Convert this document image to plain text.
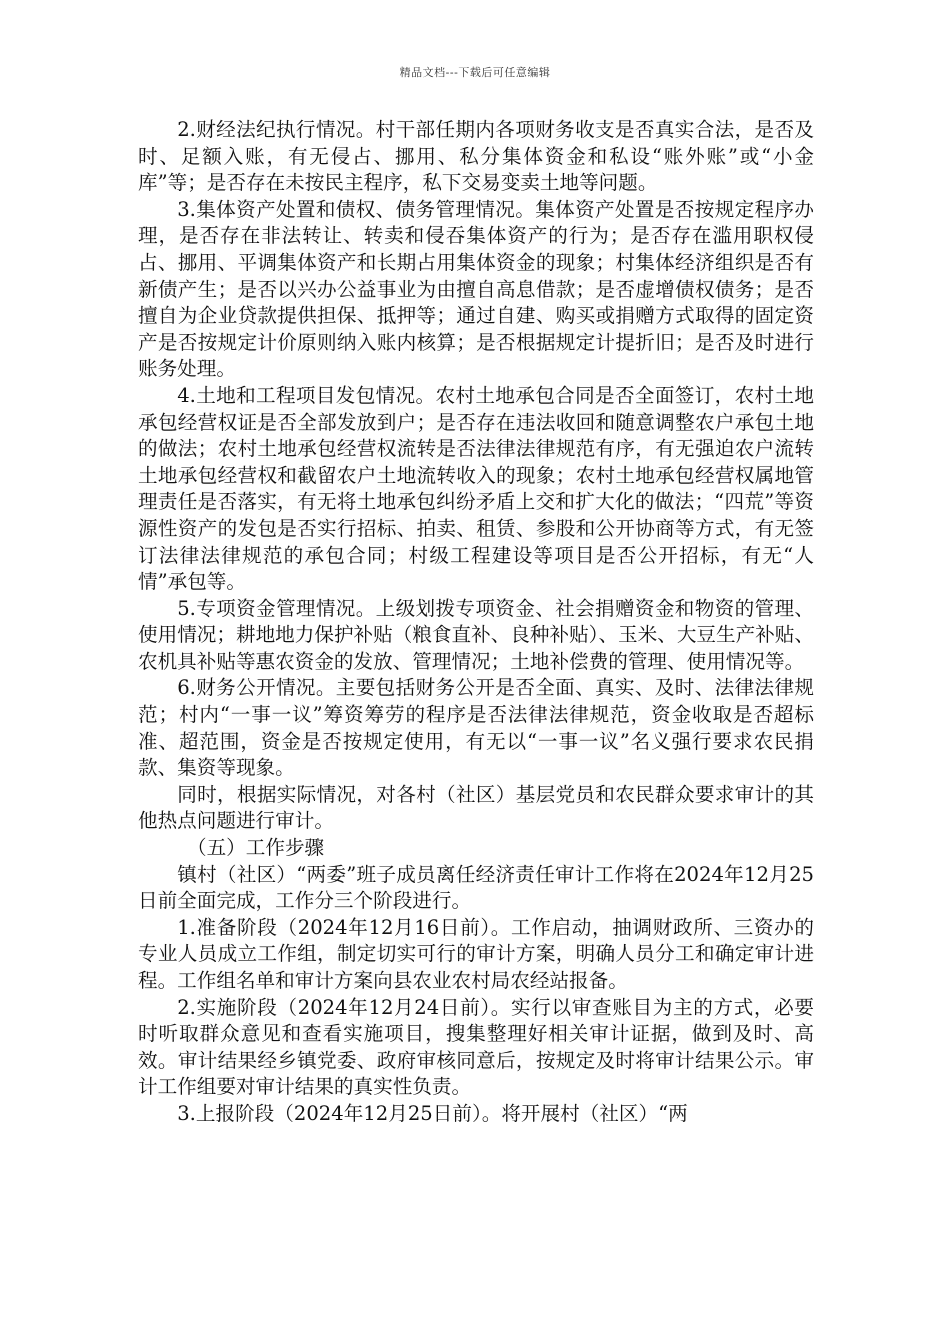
精品文档---下载后可任意编辑

2.财经法纪执行情况。村干部任期内各项财务收支是否真实合法，是否及时、足额入账，有无侵占、挪用、私分集体资金和私设“账外账”或“小金库”等；是否存在未按民主程序，私下交易变卖土地等问题。

3.集体资产处置和债权、债务管理情况。集体资产处置是否按规定程序办理，是否存在非法转让、转卖和侵吞集体资产的行为；是否存在滥用职权侵占、挪用、平调集体资产和长期占用集体资金的现象；村集体经济组织是否有新债产生；是否以兴办公益事业为由擅自高息借款；是否虚增债权债务；是否擅自为企业贷款提供担保、抵押等；通过自建、购买或捐赠方式取得的固定资产是否按规定计价原则纳入账内核算；是否根据规定计提折旧；是否及时进行账务处理。

4.土地和工程项目发包情况。农村土地承包合同是否全面签订，农村土地承包经营权证是否全部发放到户；是否存在违法收回和随意调整农户承包土地的做法；农村土地承包经营权流转是否法律法律规范有序，有无强迫农户流转土地承包经营权和截留农户土地流转收入的现象；农村土地承包经营权属地管理责任是否落实，有无将土地承包纠纷矛盾上交和扩大化的做法；“四荒”等资源性资产的发包是否实行招标、拍卖、租赁、参股和公开协商等方式，有无签订法律法律规范的承包合同；村级工程建设等项目是否公开招标，有无“人情”承包等。

5.专项资金管理情况。上级划拨专项资金、社会捐赠资金和物资的管理、使用情况；耕地地力保护补贴（粮食直补、良种补贴）、玉米、大豆生产补贴、农机具补贴等惠农资金的发放、管理情况；土地补偿费的管理、使用情况等。

6.财务公开情况。主要包括财务公开是否全面、真实、及时、法律法律规范；村内“一事一议”筹资筹劳的程序是否法律法律规范，资金收取是否超标准、超范围，资金是否按规定使用，有无以“一事一议”名义强行要求农民捐款、集资等现象。

同时，根据实际情况，对各村（社区）基层党员和农民群众要求审计的其他热点问题进行审计。

（五）工作步骤

镇村（社区）“两委”班子成员离任经济责任审计工作将在2024年12月25日前全面完成，工作分三个阶段进行。

1.准备阶段（2024年12月16日前）。工作启动，抽调财政所、三资办的专业人员成立工作组，制定切实可行的审计方案，明确人员分工和确定审计进程。工作组名单和审计方案向县农业农村局农经站报备。

2.实施阶段（2024年12月24日前）。实行以审查账目为主的方式，必要时听取群众意见和查看实施项目，搜集整理好相关审计证据，做到及时、高效。审计结果经乡镇党委、政府审核同意后，按规定及时将审计结果公示。审计工作组要对审计结果的真实性负责。

3.上报阶段（2024年12月25日前）。将开展村（社区）“两
